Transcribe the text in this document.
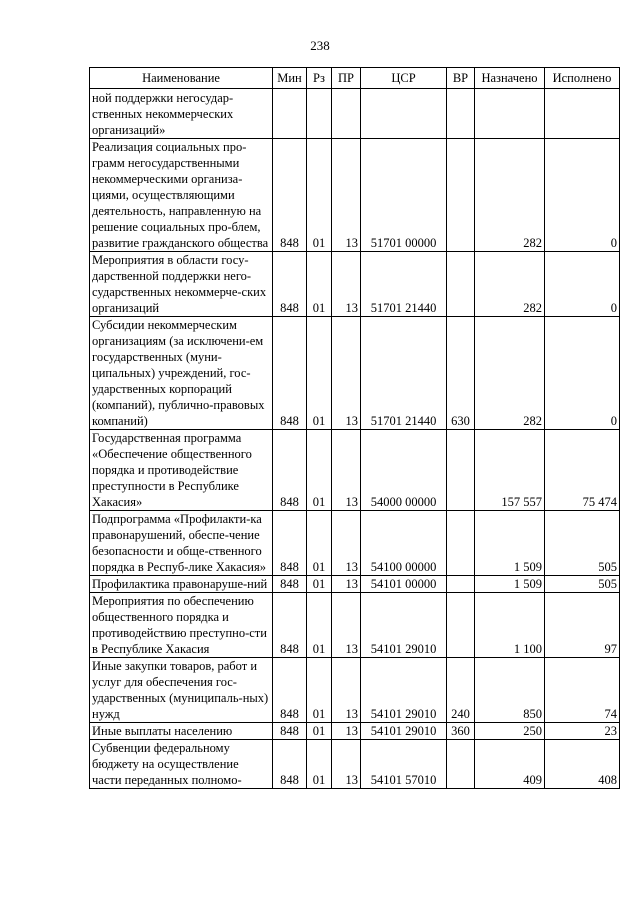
238
Наименование	Мин	Рз	ПР	ЦСР	ВР	Назначено	Исполнено
ной поддержки негосудар-ственных некоммерческих организаций»							
Реализация социальных про-грамм негосударственными некоммерческими организа-циями, осуществляющими деятельность, направленную на решение социальных про-блем, развитие гражданского общества	848	01	13	51701 00000		282	0
Мероприятия в области госу-дарственной поддержки него-сударственных некоммерче-ских организаций	848	01	13	51701 21440		282	0
Субсидии некоммерческим организациям (за исключени-ем государственных (муни-ципальных) учреждений, гос-ударственных корпораций (компаний), публично-правовых компаний)	848	01	13	51701 21440	630	282	0
Государственная программа «Обеспечение общественного порядка и противодействие преступности в Республике Хакасия»	848	01	13	54000 00000		157 557	75 474
Подпрограмма «Профилакти-ка правонарушений, обеспе-чение безопасности и обще-ственного порядка в Респуб-лике Хакасия»	848	01	13	54100 00000		1 509	505
Профилактика правонаруше-ний	848	01	13	54101 00000		1 509	505
Мероприятия по обеспечению общественного порядка и противодействию преступно-сти в Республике Хакасия	848	01	13	54101 29010		1 100	97
Иные закупки товаров, работ и услуг для обеспечения гос-ударственных (муниципаль-ных) нужд	848	01	13	54101 29010	240	850	74
Иные выплаты населению	848	01	13	54101 29010	360	250	23
Субвенции федеральному бюджету на осуществление части переданных полномо-	848	01	13	54101 57010		409	408
